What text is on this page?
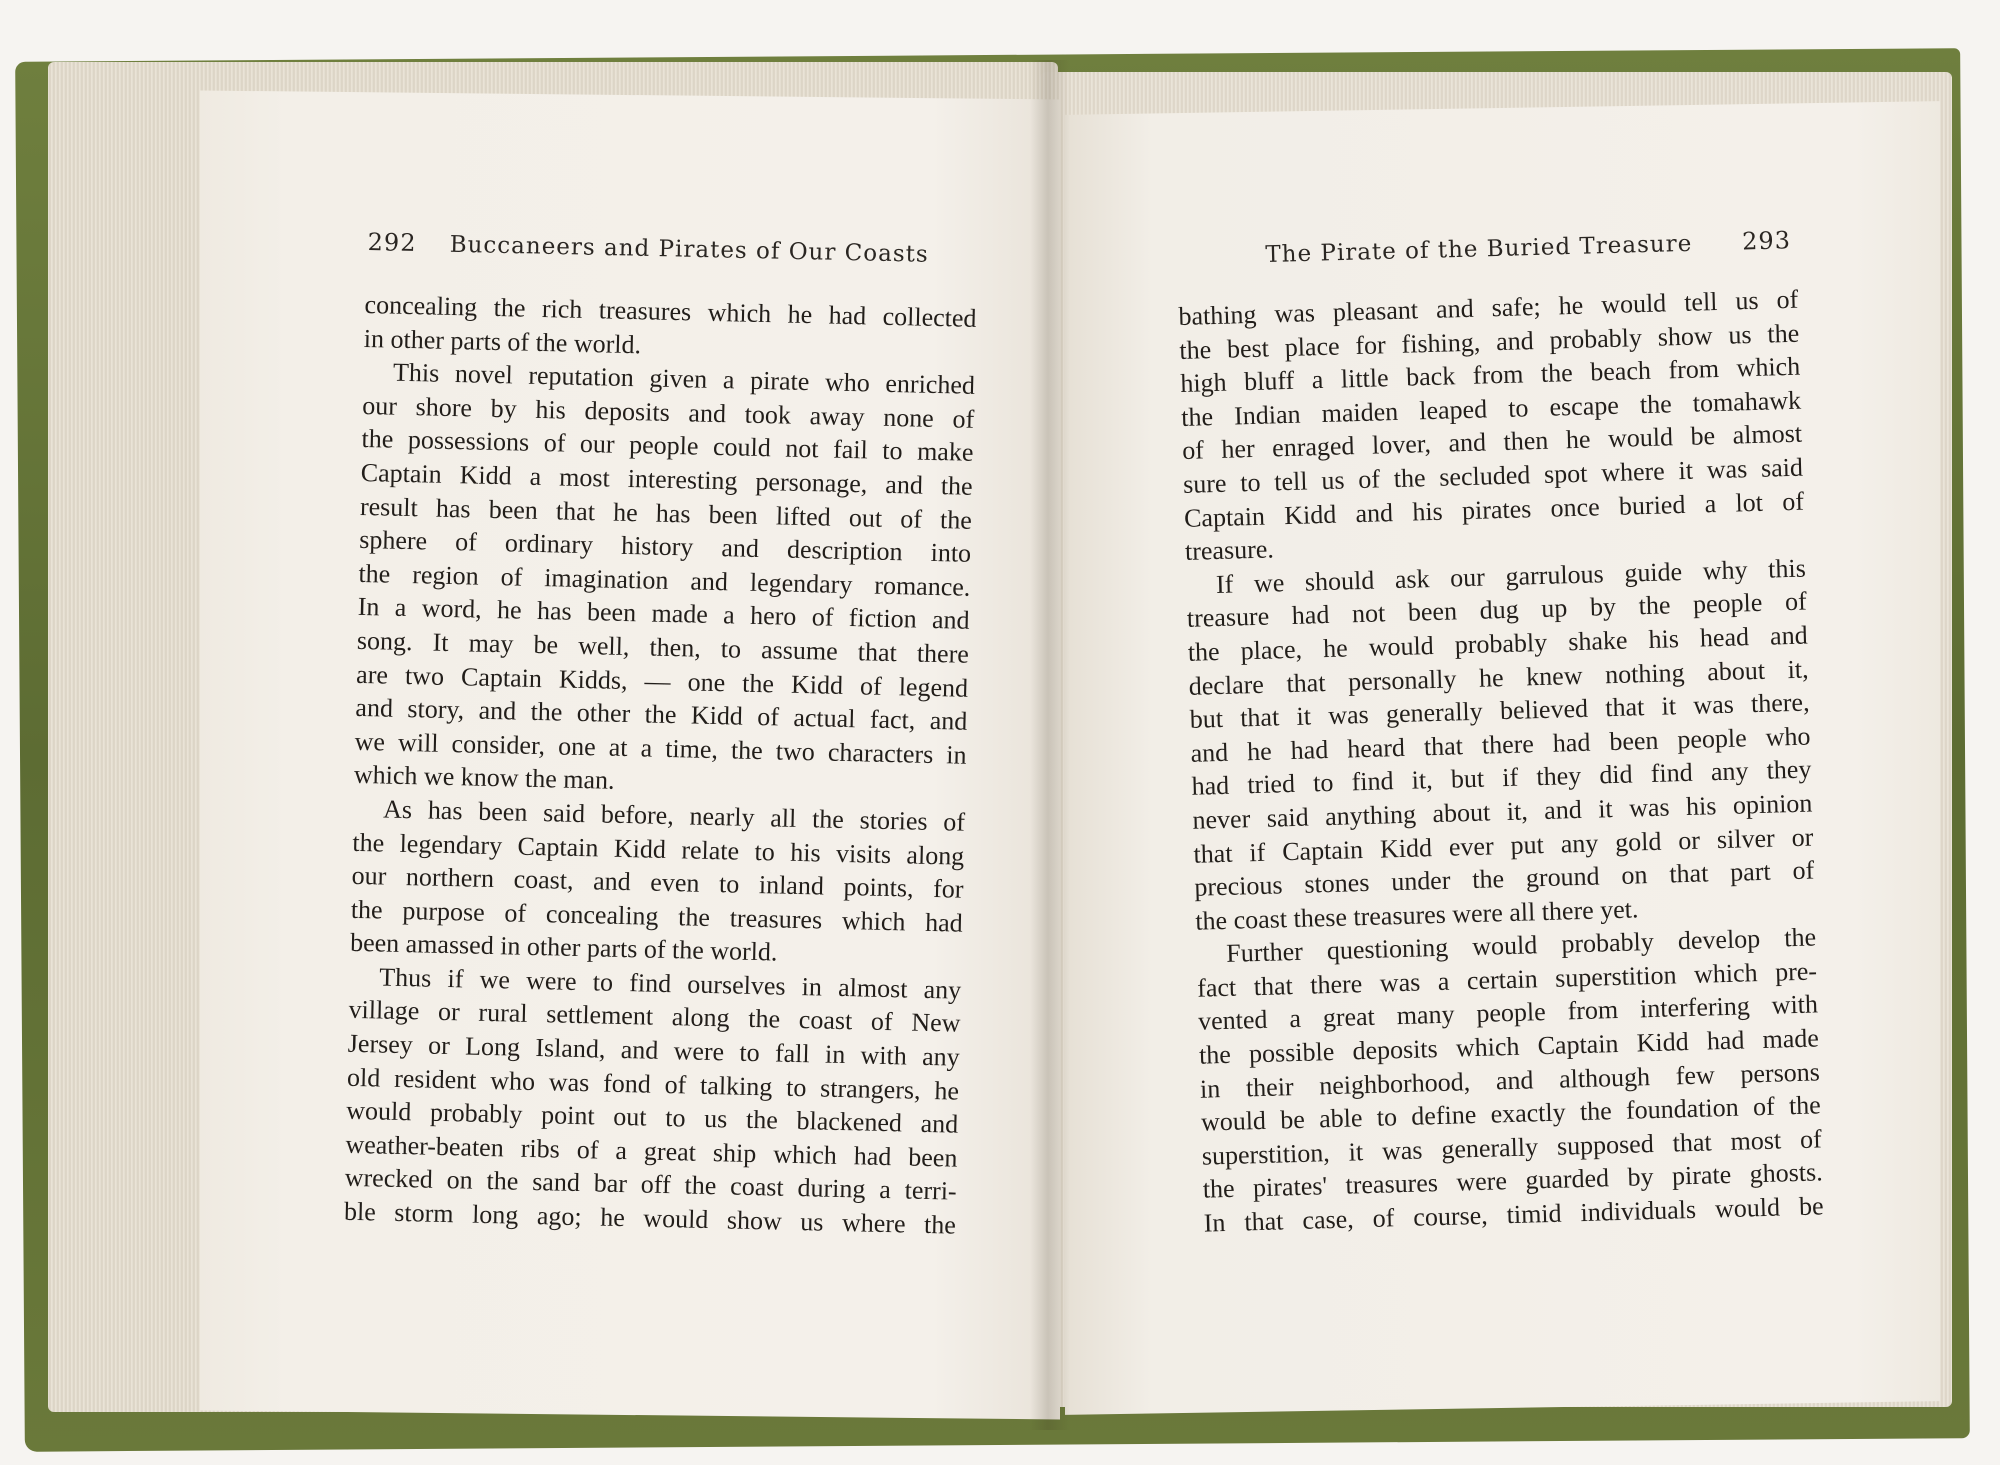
292 Buccaneers and Pirates of Our Coasts	The Pirate of the Buried Treasure 293
concealing the rich treasures which he had collected
in other parts of the world.
This novel reputation given a pirate who enriched
our shore by his deposits and took away none of
the possessions of our people could not fail to make
Captain Kidd a most interesting personage, and the
result has been that he has been lifted out of the
sphere of ordinary history and description into
the region of imagination and legendary romance.
In a word, he has been made a hero of fiction and
song. It may be well, then, to assume that there
are two Captain Kidds, — one the Kidd of legend
and story, and the other the Kidd of actual fact, and
we will consider, one at a time, the two characters in
which we know the man.
As has been said before, nearly all the stories of
the legendary Captain Kidd relate to his visits along
our northern coast, and even to inland points, for
the purpose of concealing the treasures which had
been amassed in other parts of the world.
Thus if we were to find ourselves in almost any
village or rural settlement along the coast of New
Jersey or Long Island, and were to fall in with any
old resident who was fond of talking to strangers, he
would probably point out to us the blackened and
weather-beaten ribs of a great ship which had been
wrecked on the sand bar off the coast during a terri-
ble storm long ago; he would show us where the
bathing was pleasant and safe; he would tell us of
the best place for fishing, and probably show us the
high bluff a little back from the beach from which
the Indian maiden leaped to escape the tomahawk
of her enraged lover, and then he would be almost
sure to tell us of the secluded spot where it was said
Captain Kidd and his pirates once buried a lot of
treasure.
If we should ask our garrulous guide why this
treasure had not been dug up by the people of
the place, he would probably shake his head and
declare that personally he knew nothing about it,
but that it was generally believed that it was there,
and he had heard that there had been people who
had tried to find it, but if they did find any they
never said anything about it, and it was his opinion
that if Captain Kidd ever put any gold or silver or
precious stones under the ground on that part of
the coast these treasures were all there yet.
Further questioning would probably develop the
fact that there was a certain superstition which pre-
vented a great many people from interfering with
the possible deposits which Captain Kidd had made
in their neighborhood, and although few persons
would be able to define exactly the foundation of the
superstition, it was generally supposed that most of
the pirates' treasures were guarded by pirate ghosts.
In that case, of course, timid individuals would be
